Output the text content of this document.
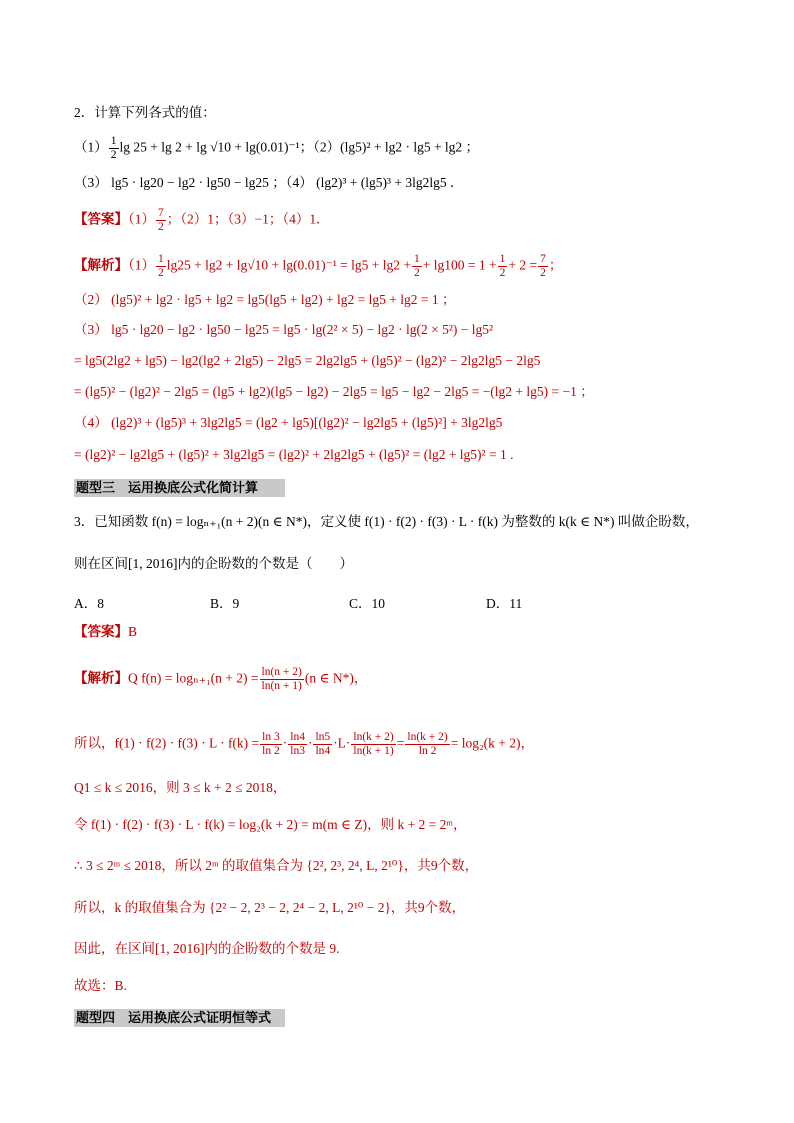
2．计算下列各式的值：
$(1) \frac{1}{2}$ lg 25 + lg 2 + lg √10 + lg(0.01)⁻¹；（2）(lg5)² + lg2 · lg5 + lg2 ；
（3） lg5 · lg20 − lg2 · lg50 − lg25 ；（4） (lg2)³ + (lg5)³ + 3lg2lg5 ．
【答案】$(1) \frac{7}{2}$ ；（2）1；（3）−1；（4）1．
【解析】$(1) \frac{1}{2} \lg 25 + \lg 2 + \lg√10 + \lg(0.01)^{-1} = \lg 5 + \lg 2 + \frac{1}{2} + \lg 100 = 1 + \frac{1}{2} + 2 = \frac{7}{2}$ ；
（2） (lg5)² + lg2 · lg5 + lg2 = lg5(lg5 + lg2) + lg2 = lg5 + lg2 = 1 ；
（3） lg5 · lg20 − lg2 · lg50 − lg25 = lg5 · lg(2² × 5) − lg2 · lg(2 × 5²) − lg5²
= lg5(2lg2 + lg5) − lg2(lg2 + 2lg5) − 2lg5 = 2lg2lg5 + (lg5)² − (lg2)² − 2lg2lg5 − 2lg5
= (lg5)² − (lg2)² − 2lg5 = (lg5 + lg2)(lg5 − lg2) − 2lg5 = lg5 − lg2 − 2lg5 = −(lg2 + lg5) = −1 ；
（4） (lg2)³ + (lg5)³ + 3lg2lg5 = (lg2 + lg5)[(lg2)² − lg2lg5 + (lg5)²] + 3lg2lg5
= (lg2)² − lg2lg5 + (lg5)² + 3lg2lg5 = (lg2)² + 2lg2lg5 + (lg5)² = (lg2 + lg5)² = 1 .
题型三　运用换底公式化简计算
3．已知函数 f(n) = logₙ₊₁(n + 2)(n ∈ N*)，定义使 f(1) · f(2) · f(3) · L · f(k) 为整数的 k(k ∈ N*) 叫做企盼数，
则在区间[1, 2016]内的企盼数的个数是（　　）
A．8	B．9	C．10	D．11
【答案】B
【解析】Q $f(n) = \log_{n+1}(n + 2) = \frac{\ln(n + 2)}{\ln(n + 1)} (n$ ∈ N*)，
所以，$f(1) \cdot f(2) \cdot f(3) \cdot L \cdot f(k) = \frac{\ln 3}{\ln 2} \cdot \frac{\ln 4}{\ln 3} \cdot \frac{\ln 5}{\ln 4} \cdot L\cdot \frac{\ln(k + 2)}{\ln(k + 1)} = \frac{\ln(k + 2)}{\ln 2} = \log_2(k + 2)$，
Q1 ≤ k ≤ 2016，则 3 ≤ k + 2 ≤ 2018，
令 f(1) · f(2) · f(3) · L · f(k) = log₂(k + 2) = m(m ∈ Z)，则 k + 2 = 2ᵐ，
∴ 3 ≤ 2ᵐ ≤ 2018，所以 2ᵐ 的取值集合为 {2², 2³, 2⁴, L, 2¹⁰}，共9个数，
所以，k 的取值集合为 {2² − 2, 2³ − 2, 2⁴ − 2, L, 2¹⁰ − 2}，共9个数，
因此，在区间[1, 2016]内的企盼数的个数是 9.
故选：B.
题型四　运用换底公式证明恒等式
